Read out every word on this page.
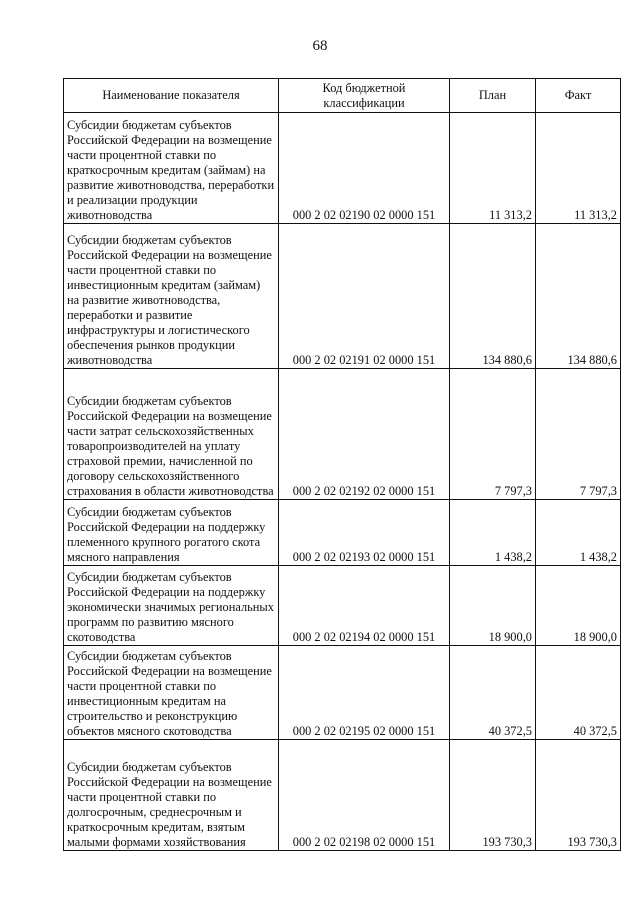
68
Наименование показателя	Код бюджетной классификации	План	Факт
Субсидии бюджетам субъектов Российской Федерации на возмещение части процентной ставки по краткосрочным кредитам (займам) на развитие животноводства, переработки и реализации продукции животноводства	000 2 02 02190 02 0000 151	11 313,2	11 313,2
Субсидии бюджетам субъектов Российской Федерации на возмещение части процентной ставки по инвестиционным кредитам (займам) на развитие животноводства, переработки и развитие инфраструктуры и логистического обеспечения рынков продукции животноводства	000 2 02 02191 02 0000 151	134 880,6	134 880,6
Субсидии бюджетам субъектов Российской Федерации на возмещение части затрат сельскохозяйственных товаропроизводителей на уплату страховой премии, начисленной по договору сельскохозяйственного страхования в области животноводства	000 2 02 02192 02 0000 151	7 797,3	7 797,3
Субсидии бюджетам субъектов Российской Федерации на поддержку племенного крупного рогатого скота мясного направления	000 2 02 02193 02 0000 151	1 438,2	1 438,2
Субсидии бюджетам субъектов Российской Федерации на поддержку экономически значимых региональных программ по развитию мясного скотоводства	000 2 02 02194 02 0000 151	18 900,0	18 900,0
Субсидии бюджетам субъектов Российской Федерации на возмещение части процентной ставки по инвестиционным кредитам на строительство и реконструкцию объектов мясного скотоводства	000 2 02 02195 02 0000 151	40 372,5	40 372,5
Субсидии бюджетам субъектов Российской Федерации на возмещение части процентной ставки по долгосрочным, среднесрочным и краткосрочным кредитам, взятым малыми формами хозяйствования	000 2 02 02198 02 0000 151	193 730,3	193 730,3
